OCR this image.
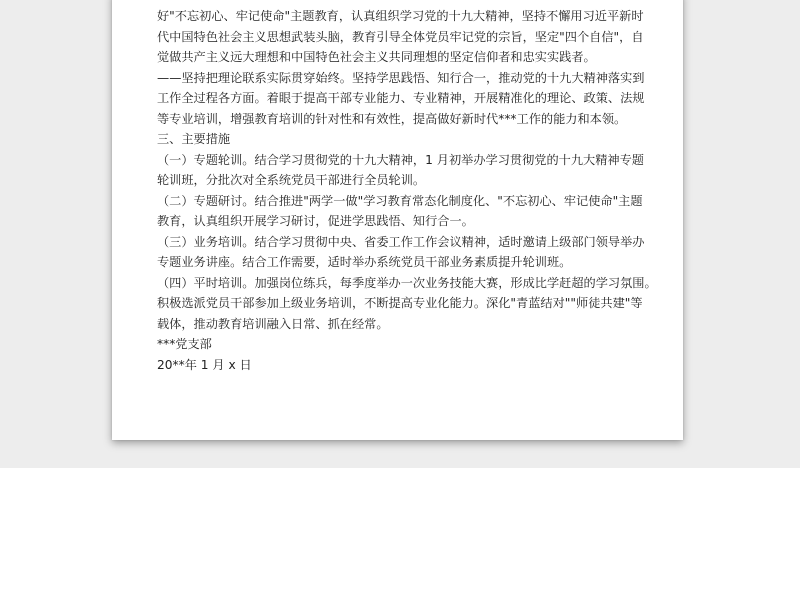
好"不忘初心、牢记使命"主题教育，认真组织学习党的十九大精神，坚持不懈用习近平新时

代中国特色社会主义思想武装头脑，教育引导全体党员牢记党的宗旨，坚定"四个自信"，自

觉做共产主义远大理想和中国特色社会主义共同理想的坚定信仰者和忠实实践者。

——坚持把理论联系实际贯穿始终。坚持学思践悟、知行合一，推动党的十九大精神落实到

工作全过程各方面。着眼于提高干部专业能力、专业精神，开展精准化的理论、政策、法规

等专业培训，增强教育培训的针对性和有效性，提高做好新时代***工作的能力和本领。

三、主要措施

（一）专题轮训。结合学习贯彻党的十九大精神，1 月初举办学习贯彻党的十九大精神专题

轮训班，分批次对全系统党员干部进行全员轮训。

（二）专题研讨。结合推进"两学一做"学习教育常态化制度化、"不忘初心、牢记使命"主题

教育，认真组织开展学习研讨，促进学思践悟、知行合一。

（三）业务培训。结合学习贯彻中央、省委工作工作会议精神，适时邀请上级部门领导举办

专题业务讲座。结合工作需要，适时举办系统党员干部业务素质提升轮训班。

（四）平时培训。加强岗位练兵，每季度举办一次业务技能大赛，形成比学赶超的学习氛围。

积极选派党员干部参加上级业务培训，不断提高专业化能力。深化"青蓝结对""师徒共建"等

载体，推动教育培训融入日常、抓在经常。

***党支部

20**年 1 月 x 日
